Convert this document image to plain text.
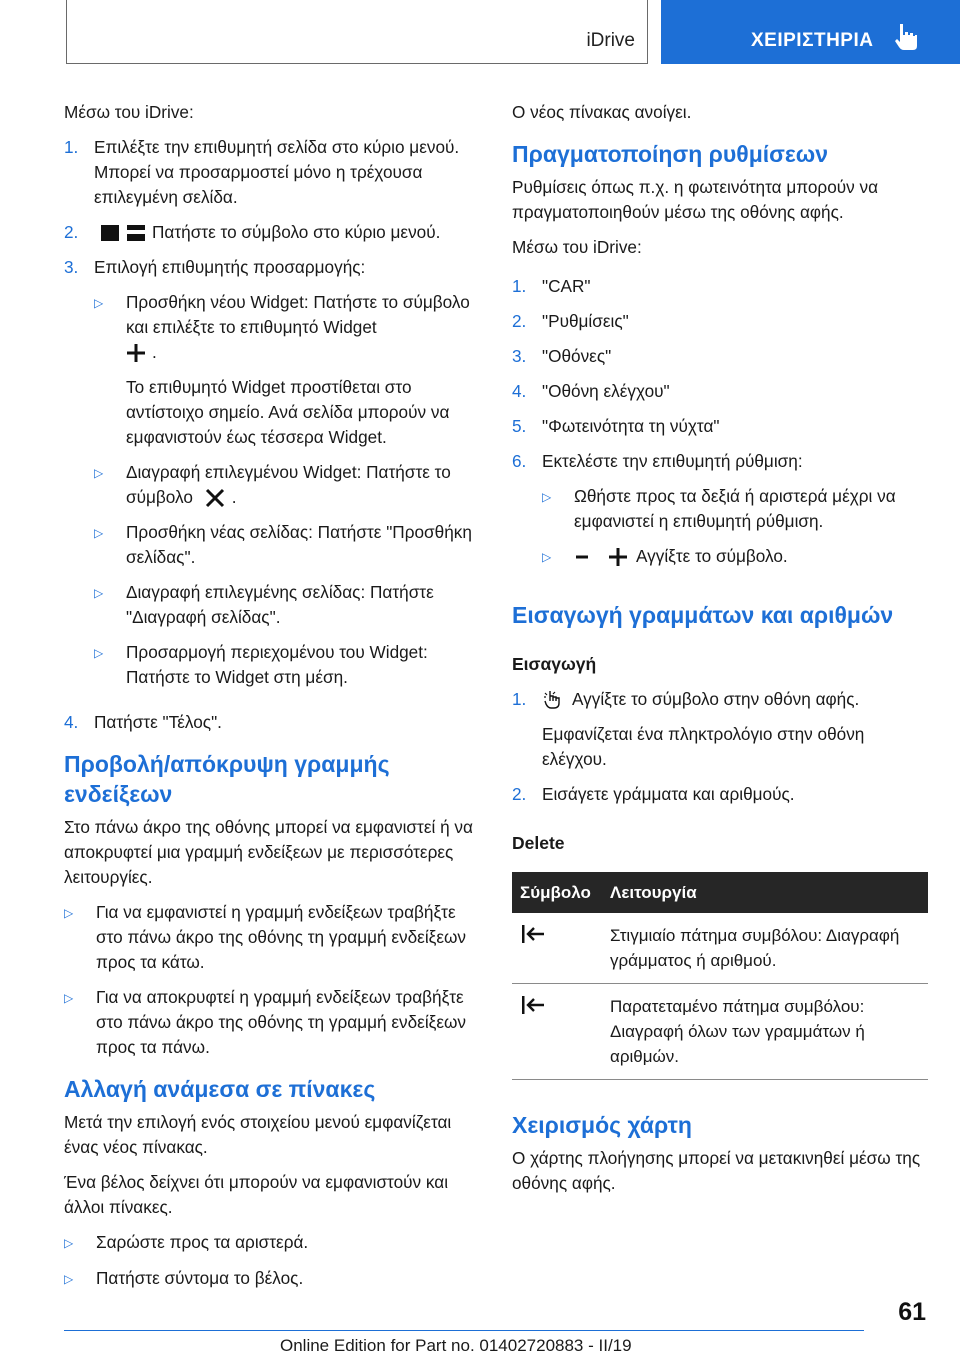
iDrive	ΧΕΙΡΙΣΤΗΡΙΑ

Μέσω του iDrive:

1. Επιλέξτε την επιθυμητή σελίδα στο κύριο μενού. Μπορεί να προσαρμοστεί μόνο η τρέχουσα επιλεγμένη σελίδα.
2.	Πατήστε το σύμβολο στο κύριο μενού.
3. Επιλογή επιθυμητής προσαρμογής:
▷	Προσθήκη νέου Widget: Πατήστε το σύμβολο και επιλέξτε το επιθυμητό Widget
.
Το επιθυμητό Widget προστίθεται στο αντίστοιχο σημείο. Ανά σελίδα μπορούν να εμφανιστούν έως τέσσερα Widget.
▷	Διαγραφή επιλεγμένου Widget: Πατήστε το σύμβολο .
▷	Προσθήκη νέας σελίδας: Πατήστε "Προσθήκη σελίδας".
▷	Διαγραφή επιλεγμένης σελίδας: Πατήστε "Διαγραφή σελίδας".
▷	Προσαρμογή περιεχομένου του Widget: Πατήστε το Widget στη μέση.
4. Πατήστε "Τέλος".
Προβολή/απόκρυψη γραμμής ενδείξεων

Στο πάνω άκρο της οθόνης μπορεί να εμφανιστεί ή να αποκρυφτεί μια γραμμή ενδείξεων με περισσότερες λειτουργίες.

▷	Για να εμφανιστεί η γραμμή ενδείξεων τραβήξτε στο πάνω άκρο της οθόνης τη γραμμή ενδείξεων προς τα κάτω.
▷	Για να αποκρυφτεί η γραμμή ενδείξεων τραβήξτε στο πάνω άκρο της οθόνης τη γραμμή ενδείξεων προς τα πάνω.
Αλλαγή ανάμεσα σε πίνακες

Μετά την επιλογή ενός στοιχείου μενού εμφανίζεται ένας νέος πίνακας.

Ένα βέλος δείχνει ότι μπορούν να εμφανιστούν και άλλοι πίνακες.

▷	Σαρώστε προς τα αριστερά.
▷	Πατήστε σύντομα το βέλος.

Ο νέος πίνακας ανοίγει.

Πραγματοποίηση ρυθμίσεων

Ρυθμίσεις όπως π.χ. η φωτεινότητα μπορούν να πραγματοποιηθούν μέσω της οθόνης αφής.

Μέσω του iDrive:

1. "CAR"
2. "Ρυθμίσεις"
3. "Οθόνες"
4. "Οθόνη ελέγχου"
5. "Φωτεινότητα τη νύχτα"
6. Εκτελέστε την επιθυμητή ρύθμιση:
▷	Ωθήστε προς τα δεξιά ή αριστερά μέχρι να εμφανιστεί η επιθυμητή ρύθμιση.
▷	Αγγίξτε το σύμβολο.
Εισαγωγή γραμμάτων και αριθμών
Εισαγωγή
1.	Αγγίξτε το σύμβολο στην οθόνη αφής.
Εμφανίζεται ένα πληκτρολόγιο στην οθόνη ελέγχου.
2. Εισάγετε γράμματα και αριθμούς.
Delete
Σύμβολο	Λειτουργία
	Στιγμιαίο πάτημα συμβόλου: Διαγραφή γράμματος ή αριθμού.
	Παρατεταμένο πάτημα συμβόλου: Διαγραφή όλων των γραμμάτων ή αριθμών.
Χειρισμός χάρτη

Ο χάρτης πλοήγησης μπορεί να μετακινηθεί μέσω της οθόνης αφής.

61
Online Edition for Part no. 01402720883 - II/19
